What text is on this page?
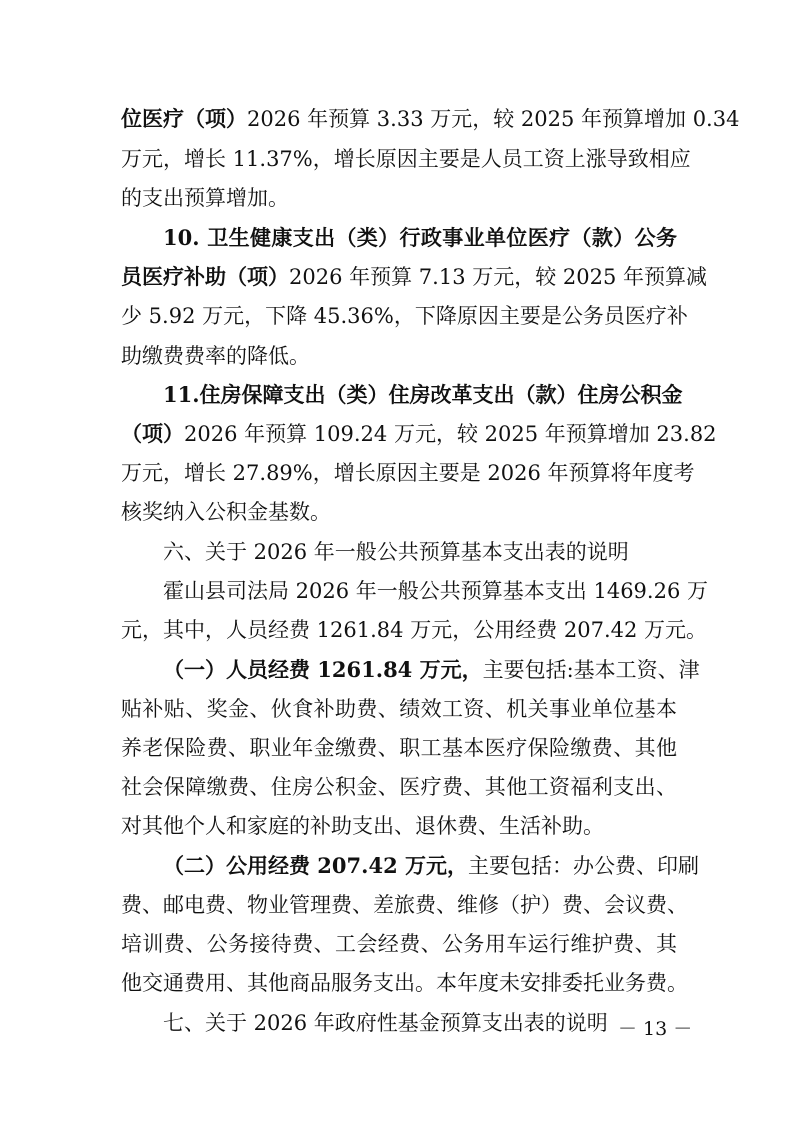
位医疗（项）2026 年预算 3.33 万元，较 2025 年预算增加 0.34
万元，增长 11.37%，增长原因主要是人员工资上涨导致相应
的支出预算增加。
10. 卫生健康支出（类）行政事业单位医疗（款）公务
员医疗补助（项）2026 年预算 7.13 万元，较 2025 年预算减
少 5.92 万元，下降 45.36%，下降原因主要是公务员医疗补
助缴费费率的降低。
11.住房保障支出（类）住房改革支出（款）住房公积金
（项）2026 年预算 109.24 万元，较 2025 年预算增加 23.82
万元，增长 27.89%，增长原因主要是 2026 年预算将年度考
核奖纳入公积金基数。
六、关于 2026 年一般公共预算基本支出表的说明
霍山县司法局 2026 年一般公共预算基本支出 1469.26 万
元，其中，人员经费 1261.84 万元，公用经费 207.42 万元。
（一）人员经费 1261.84 万元，主要包括:基本工资、津
贴补贴、奖金、伙食补助费、绩效工资、机关事业单位基本
养老保险费、职业年金缴费、职工基本医疗保险缴费、其他
社会保障缴费、住房公积金、医疗费、其他工资福利支出、
对其他个人和家庭的补助支出、退休费、生活补助。
（二）公用经费 207.42 万元，主要包括：办公费、印刷
费、邮电费、物业管理费、差旅费、维修（护）费、会议费、
培训费、公务接待费、工会经费、公务用车运行维护费、其
他交通费用、其他商品服务支出。本年度未安排委托业务费。
七、关于 2026 年政府性基金预算支出表的说明 － 13 －
